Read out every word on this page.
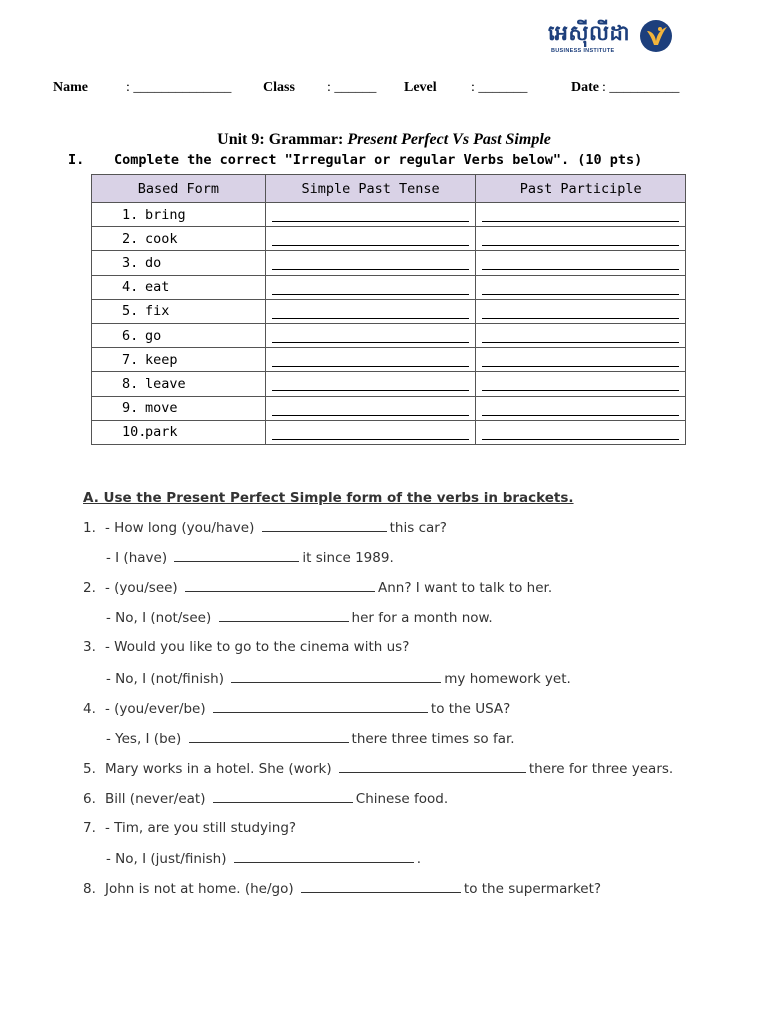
អេស៊ីលីដា
BUSINESS INSTITUTE
Name	: ______________ Class : ______ Level : _______	Date : __________
Unit 9: Grammar: Present Perfect Vs Past Simple
I. Complete the correct "Irregular or regular Verbs below". (10 pts)
Based Form	Simple Past Tense	Past Participle
1. bring	

2. cook	

3. do	

4. eat	

5. fix	

6. go	

7. keep	

8. leave	

9. move	

10.park	

A. Use the Present Perfect Simple form of the verbs in brackets.
1. - How long (you/have)	this car?
- I (have)	it since 1989.
2. - (you/see)	Ann? I want to talk to her.
- No, I (not/see)	her for a month now.
3. - Would you like to go to the cinema with us?
- No, I (not/finish)	my homework yet.
4. - (you/ever/be)	to the USA?
- Yes, I (be)	there three times so far.
5. Mary works in a hotel. She (work)	there for three years.
6. Bill (never/eat)	Chinese food.
7. - Tim, are you still studying?
- No, I (just/finish)	.
8. John is not at home. (he/go)	to the supermarket?
